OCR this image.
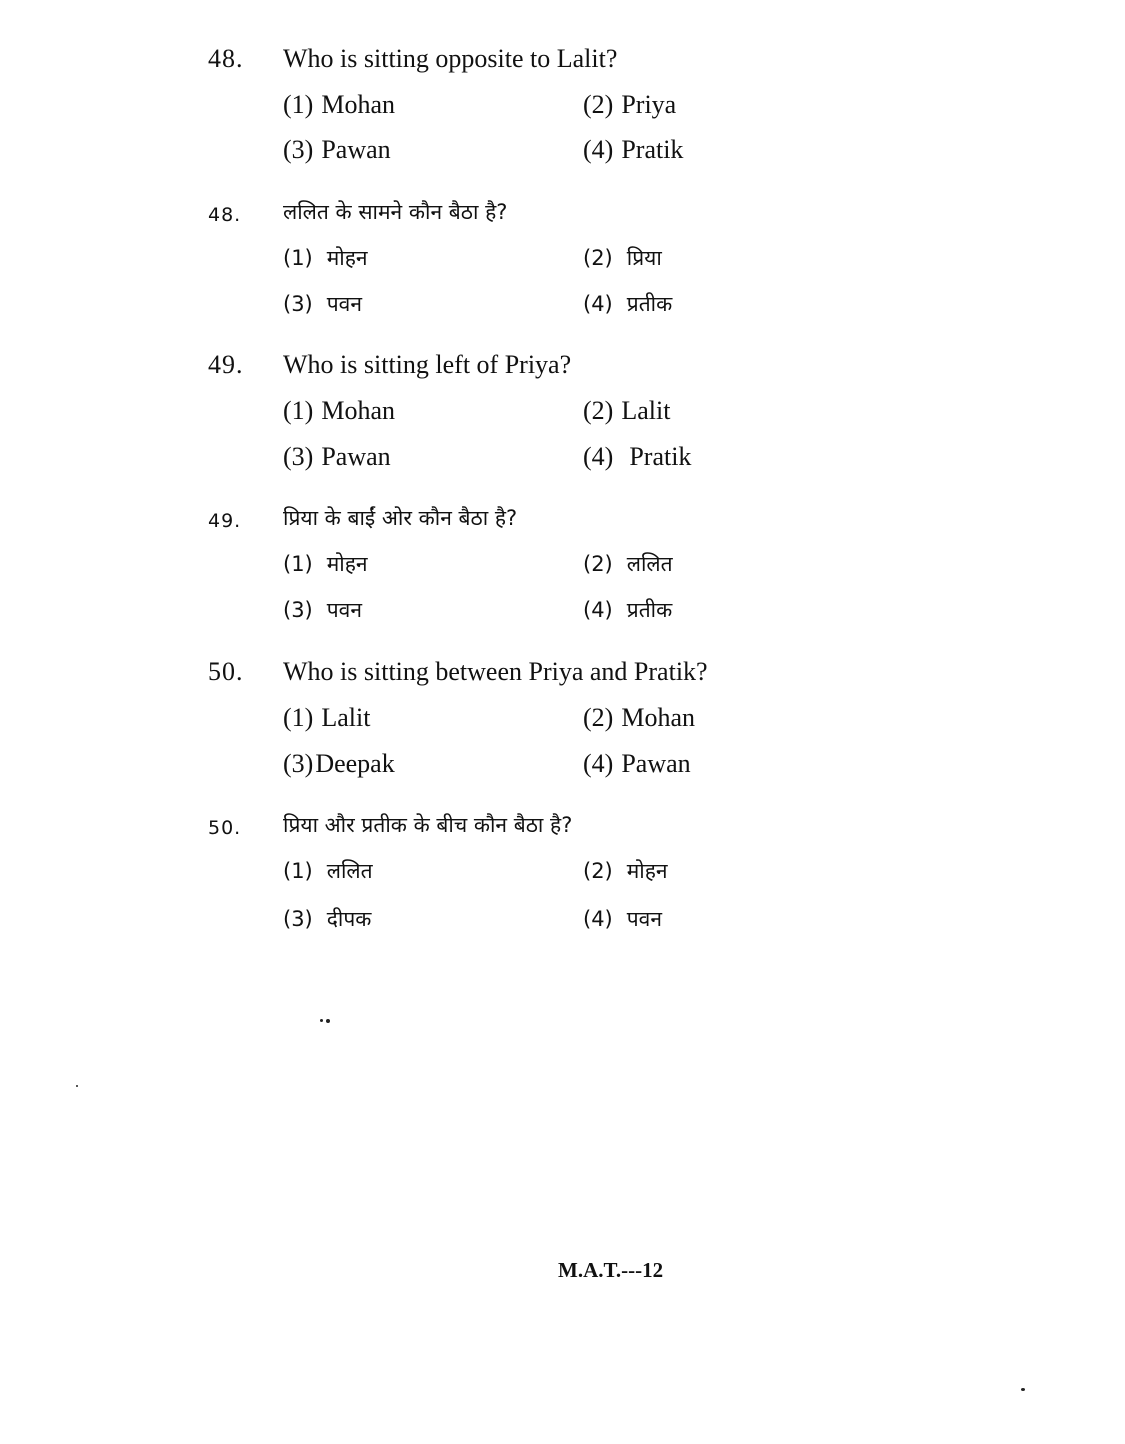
48. Who is sitting opposite to Lalit?
(1) Mohan	(2) Priya
(3) Pawan	(4) Pratik
48. ललित के सामने कौन बैठा है?
(1) मोहन	(2) प्रिया
(3) पवन	(4) प्रतीक
49. Who is sitting left of Priya?
(1) Mohan	(2) Lalit
(3) Pawan	(4) Pratik
49. प्रिया के बाईं ओर कौन बैठा है?
(1) मोहन	(2) ललित
(3) पवन	(4) प्रतीक
50. Who is sitting between Priya and Pratik?
(1) Lalit	(2) Mohan
(3)Deepak	(4) Pawan
50. प्रिया और प्रतीक के बीच कौन बैठा है?
(1) ललित	(2) मोहन
(3) दीपक	(4) पवन
M.A.T.---12
